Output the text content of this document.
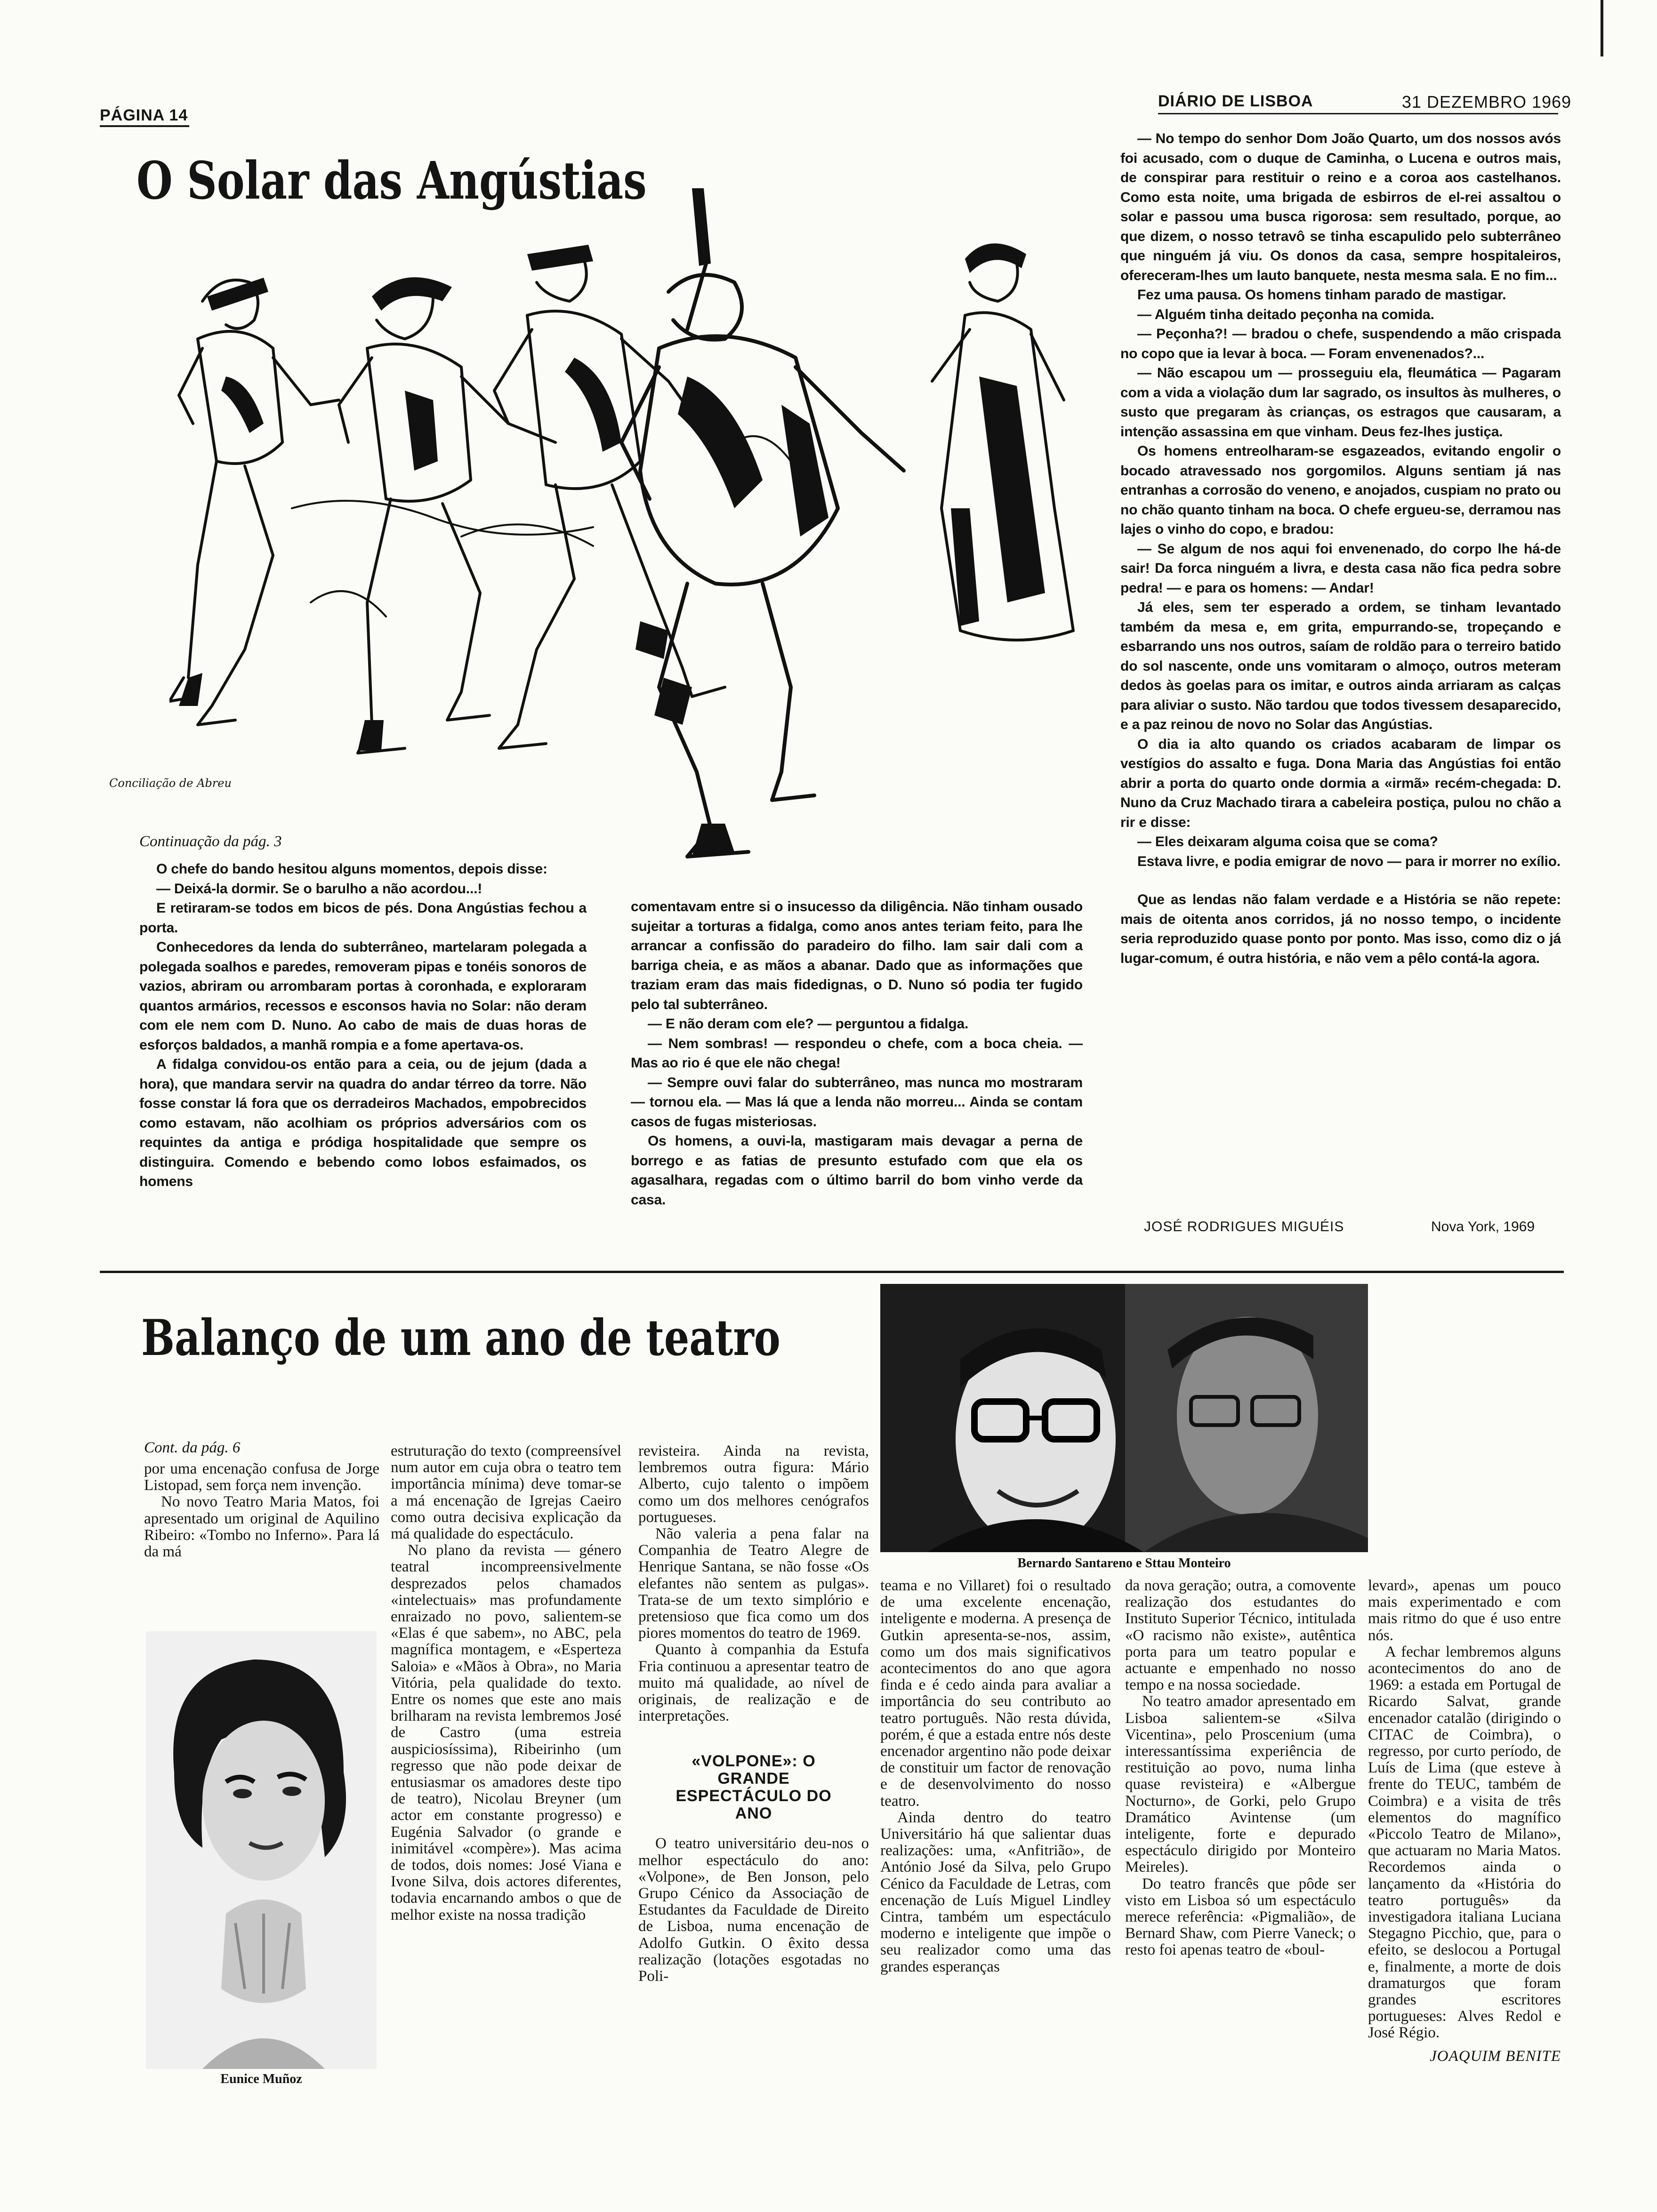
PÁGINA 14
DIÁRIO DE LISBOA	31 DEZEMBRO 1969
O Solar das Angústias
Conciliação de Abreu
Continuação da pág. 3

O chefe do bando hesitou alguns momentos, depois disse:

— Deixá-la dormir. Se o barulho a não acordou...!

E retiraram-se todos em bicos de pés. Dona Angústias fechou a porta.

Conhecedores da lenda do subterrâneo, martelaram polegada a polegada soalhos e paredes, removeram pipas e tonéis sonoros de vazios, abriram ou arrombaram portas à coronhada, e exploraram quantos armários, recessos e esconsos havia no Solar: não deram com ele nem com D. Nuno. Ao cabo de mais de duas horas de esforços baldados, a manhã rompia e a fome apertava-os.

A fidalga convidou-os então para a ceia, ou de jejum (dada a hora), que mandara servir na quadra do andar térreo da torre. Não fosse constar lá fora que os derradeiros Machados, empobrecidos como estavam, não acolhiam os próprios adversários com os requintes da antiga e pródiga hospitalidade que sempre os distinguira. Comendo e bebendo como lobos esfaimados, os homens

comentavam entre si o insucesso da diligência. Não tinham ousado sujeitar a torturas a fidalga, como anos antes teriam feito, para lhe arrancar a confissão do paradeiro do filho. Iam sair dali com a barriga cheia, e as mãos a abanar. Dado que as informações que traziam eram das mais fidedignas, o D. Nuno só podia ter fugido pelo tal subterrâneo.

— E não deram com ele? — perguntou a fidalga.

— Nem sombras! — respondeu o chefe, com a boca cheia. — Mas ao rio é que ele não chega!

— Sempre ouvi falar do subterrâneo, mas nunca mo mostraram — tornou ela. — Mas lá que a lenda não morreu... Ainda se contam casos de fugas misteriosas.

Os homens, a ouvi-la, mastigaram mais devagar a perna de borrego e as fatias de presunto estufado com que ela os agasalhara, regadas com o último barril do bom vinho verde da casa.

— No tempo do senhor Dom João Quarto, um dos nossos avós foi acusado, com o duque de Caminha, o Lucena e outros mais, de conspirar para restituir o reino e a coroa aos castelhanos. Como esta noite, uma brigada de esbirros de el-rei assaltou o solar e passou uma busca rigorosa: sem resultado, porque, ao que dizem, o nosso tetravô se tinha escapulido pelo subterrâneo que ninguém já viu. Os donos da casa, sempre hospitaleiros, ofereceram-lhes um lauto banquete, nesta mesma sala. E no fim...

Fez uma pausa. Os homens tinham parado de mastigar.

— Alguém tinha deitado peçonha na comida.

— Peçonha?! — bradou o chefe, suspendendo a mão crispada no copo que ia levar à boca. — Foram envenenados?...

— Não escapou um — prosseguiu ela, fleumática — Pagaram com a vida a violação dum lar sagrado, os insultos às mulheres, o susto que pregaram às crianças, os estragos que causaram, a intenção assassina em que vinham. Deus fez-lhes justiça.

Os homens entreolharam-se esgazeados, evitando engolir o bocado atravessado nos gorgomilos. Alguns sentiam já nas entranhas a corrosão do veneno, e anojados, cuspiam no prato ou no chão quanto tinham na boca. O chefe ergueu-se, derramou nas lajes o vinho do copo, e bradou:

— Se algum de nos aqui foi envenenado, do corpo lhe há-de sair! Da forca ninguém a livra, e desta casa não fica pedra sobre pedra! — e para os homens: — Andar!

Já eles, sem ter esperado a ordem, se tinham levantado também da mesa e, em grita, empurrando-se, tropeçando e esbarrando uns nos outros, saíam de roldão para o terreiro batido do sol nascente, onde uns vomitaram o almoço, outros meteram dedos às goelas para os imitar, e outros ainda arriaram as calças para aliviar o susto. Não tardou que todos tivessem desaparecido, e a paz reinou de novo no Solar das Angústias.

O dia ia alto quando os criados acabaram de limpar os vestígios do assalto e fuga. Dona Maria das Angústias foi então abrir a porta do quarto onde dormia a «irmã» recém-chegada: D. Nuno da Cruz Machado tirara a cabeleira postiça, pulou no chão a rir e disse:

— Eles deixaram alguma coisa que se coma?

Estava livre, e podia emigrar de novo — para ir morrer no exílio.

Que as lendas não falam verdade e a História se não repete: mais de oitenta anos corridos, já no nosso tempo, o incidente seria reproduzido quase ponto por ponto. Mas isso, como diz o já lugar-comum, é outra história, e não vem a pêlo contá-la agora.

JOSÉ RODRIGUES MIGUÉIS	Nova York, 1969
Balanço de um ano de teatro
Bernardo Santareno e Sttau Monteiro
Cont. da pág. 6

por uma encenação confusa de Jorge Listopad, sem força nem invenção.

No novo Teatro Maria Matos, foi apresentado um original de Aquilino Ribeiro: «Tombo no Inferno». Para lá da má

Eunice Muñoz

estruturação do texto (compreensível num autor em cuja obra o teatro tem importância mínima) deve tomar-se a má encenação de Igrejas Caeiro como outra decisiva explicação da má qualidade do espectáculo.

No plano da revista — género teatral incompreensivelmente desprezados pelos chamados «intelectuais» mas profundamente enraizado no povo, salientem-se «Elas é que sabem», no ABC, pela magnífica montagem, e «Esperteza Saloia» e «Mãos à Obra», no Maria Vitória, pela qualidade do texto. Entre os nomes que este ano mais brilharam na revista lembremos José de Castro (uma estreia auspiciosíssima), Ribeirinho (um regresso que não pode deixar de entusiasmar os amadores deste tipo de teatro), Nicolau Breyner (um actor em constante progresso) e Eugénia Salvador (o grande e inimitável «compère»). Mas acima de todos, dois nomes: José Viana e Ivone Silva, dois actores diferentes, todavia encarnando ambos o que de melhor existe na nossa tradição

revisteira. Ainda na revista, lembremos outra figura: Mário Alberto, cujo talento o impõem como um dos melhores cenógrafos portugueses.

Não valeria a pena falar na Companhia de Teatro Alegre de Henrique Santana, se não fosse «Os elefantes não sentem as pulgas». Trata-se de um texto simplório e pretensioso que fica como um dos piores momentos do teatro de 1969.

Quanto à companhia da Estufa Fria continuou a apresentar teatro de muito má qualidade, ao nível de originais, de realização e de interpretações.

«VOLPONE»: O GRANDE ESPECTÁCULO DO ANO

O teatro universitário deu-nos o melhor espectáculo do ano: «Volpone», de Ben Jonson, pelo Grupo Cénico da Associação de Estudantes da Faculdade de Direito de Lisboa, numa encenação de Adolfo Gutkin. O êxito dessa realização (lotações esgotadas no Poli-

teama e no Villaret) foi o resultado de uma excelente encenação, inteligente e moderna. A presença de Gutkin apresenta-se-nos, assim, como um dos mais significativos acontecimentos do ano que agora finda e é cedo ainda para avaliar a importância do seu contributo ao teatro português. Não resta dúvida, porém, é que a estada entre nós deste encenador argentino não pode deixar de constituir um factor de renovação e de desenvolvimento do nosso teatro.

Ainda dentro do teatro Universitário há que salientar duas realizações: uma, «Anfitrião», de António José da Silva, pelo Grupo Cénico da Faculdade de Letras, com encenação de Luís Miguel Lindley Cintra, também um espectáculo moderno e inteligente que impõe o seu realizador como uma das grandes esperanças

da nova geração; outra, a comovente realização dos estudantes do Instituto Superior Técnico, intitulada «O racismo não existe», autêntica porta para um teatro popular e actuante e empenhado no nosso tempo e na nossa sociedade.

No teatro amador apresentado em Lisboa salientem-se «Silva Vicentina», pelo Proscenium (uma interessantíssima experiência de restituição ao povo, numa linha quase revisteira) e «Albergue Nocturno», de Gorki, pelo Grupo Dramático Avintense (um inteligente, forte e depurado espectáculo dirigido por Monteiro Meireles).

Do teatro francês que pôde ser visto em Lisboa só um espectáculo merece referência: «Pigmalião», de Bernard Shaw, com Pierre Vaneck; o resto foi apenas teatro de «boul-

levard», apenas um pouco mais experimentado e com mais ritmo do que é uso entre nós.

A fechar lembremos alguns acontecimentos do ano de 1969: a estada em Portugal de Ricardo Salvat, grande encenador catalão (dirigindo o CITAC de Coimbra), o regresso, por curto período, de Luís de Lima (que esteve à frente do TEUC, também de Coimbra) e a visita de três elementos do magnífico «Piccolo Teatro de Milano», que actuaram no Maria Matos. Recordemos ainda o lançamento da «História do teatro português» da investigadora italiana Luciana Stegagno Picchio, que, para o efeito, se deslocou a Portugal e, finalmente, a morte de dois dramaturgos que foram grandes escritores portugueses: Alves Redol e José Régio.

JOAQUIM BENITE
